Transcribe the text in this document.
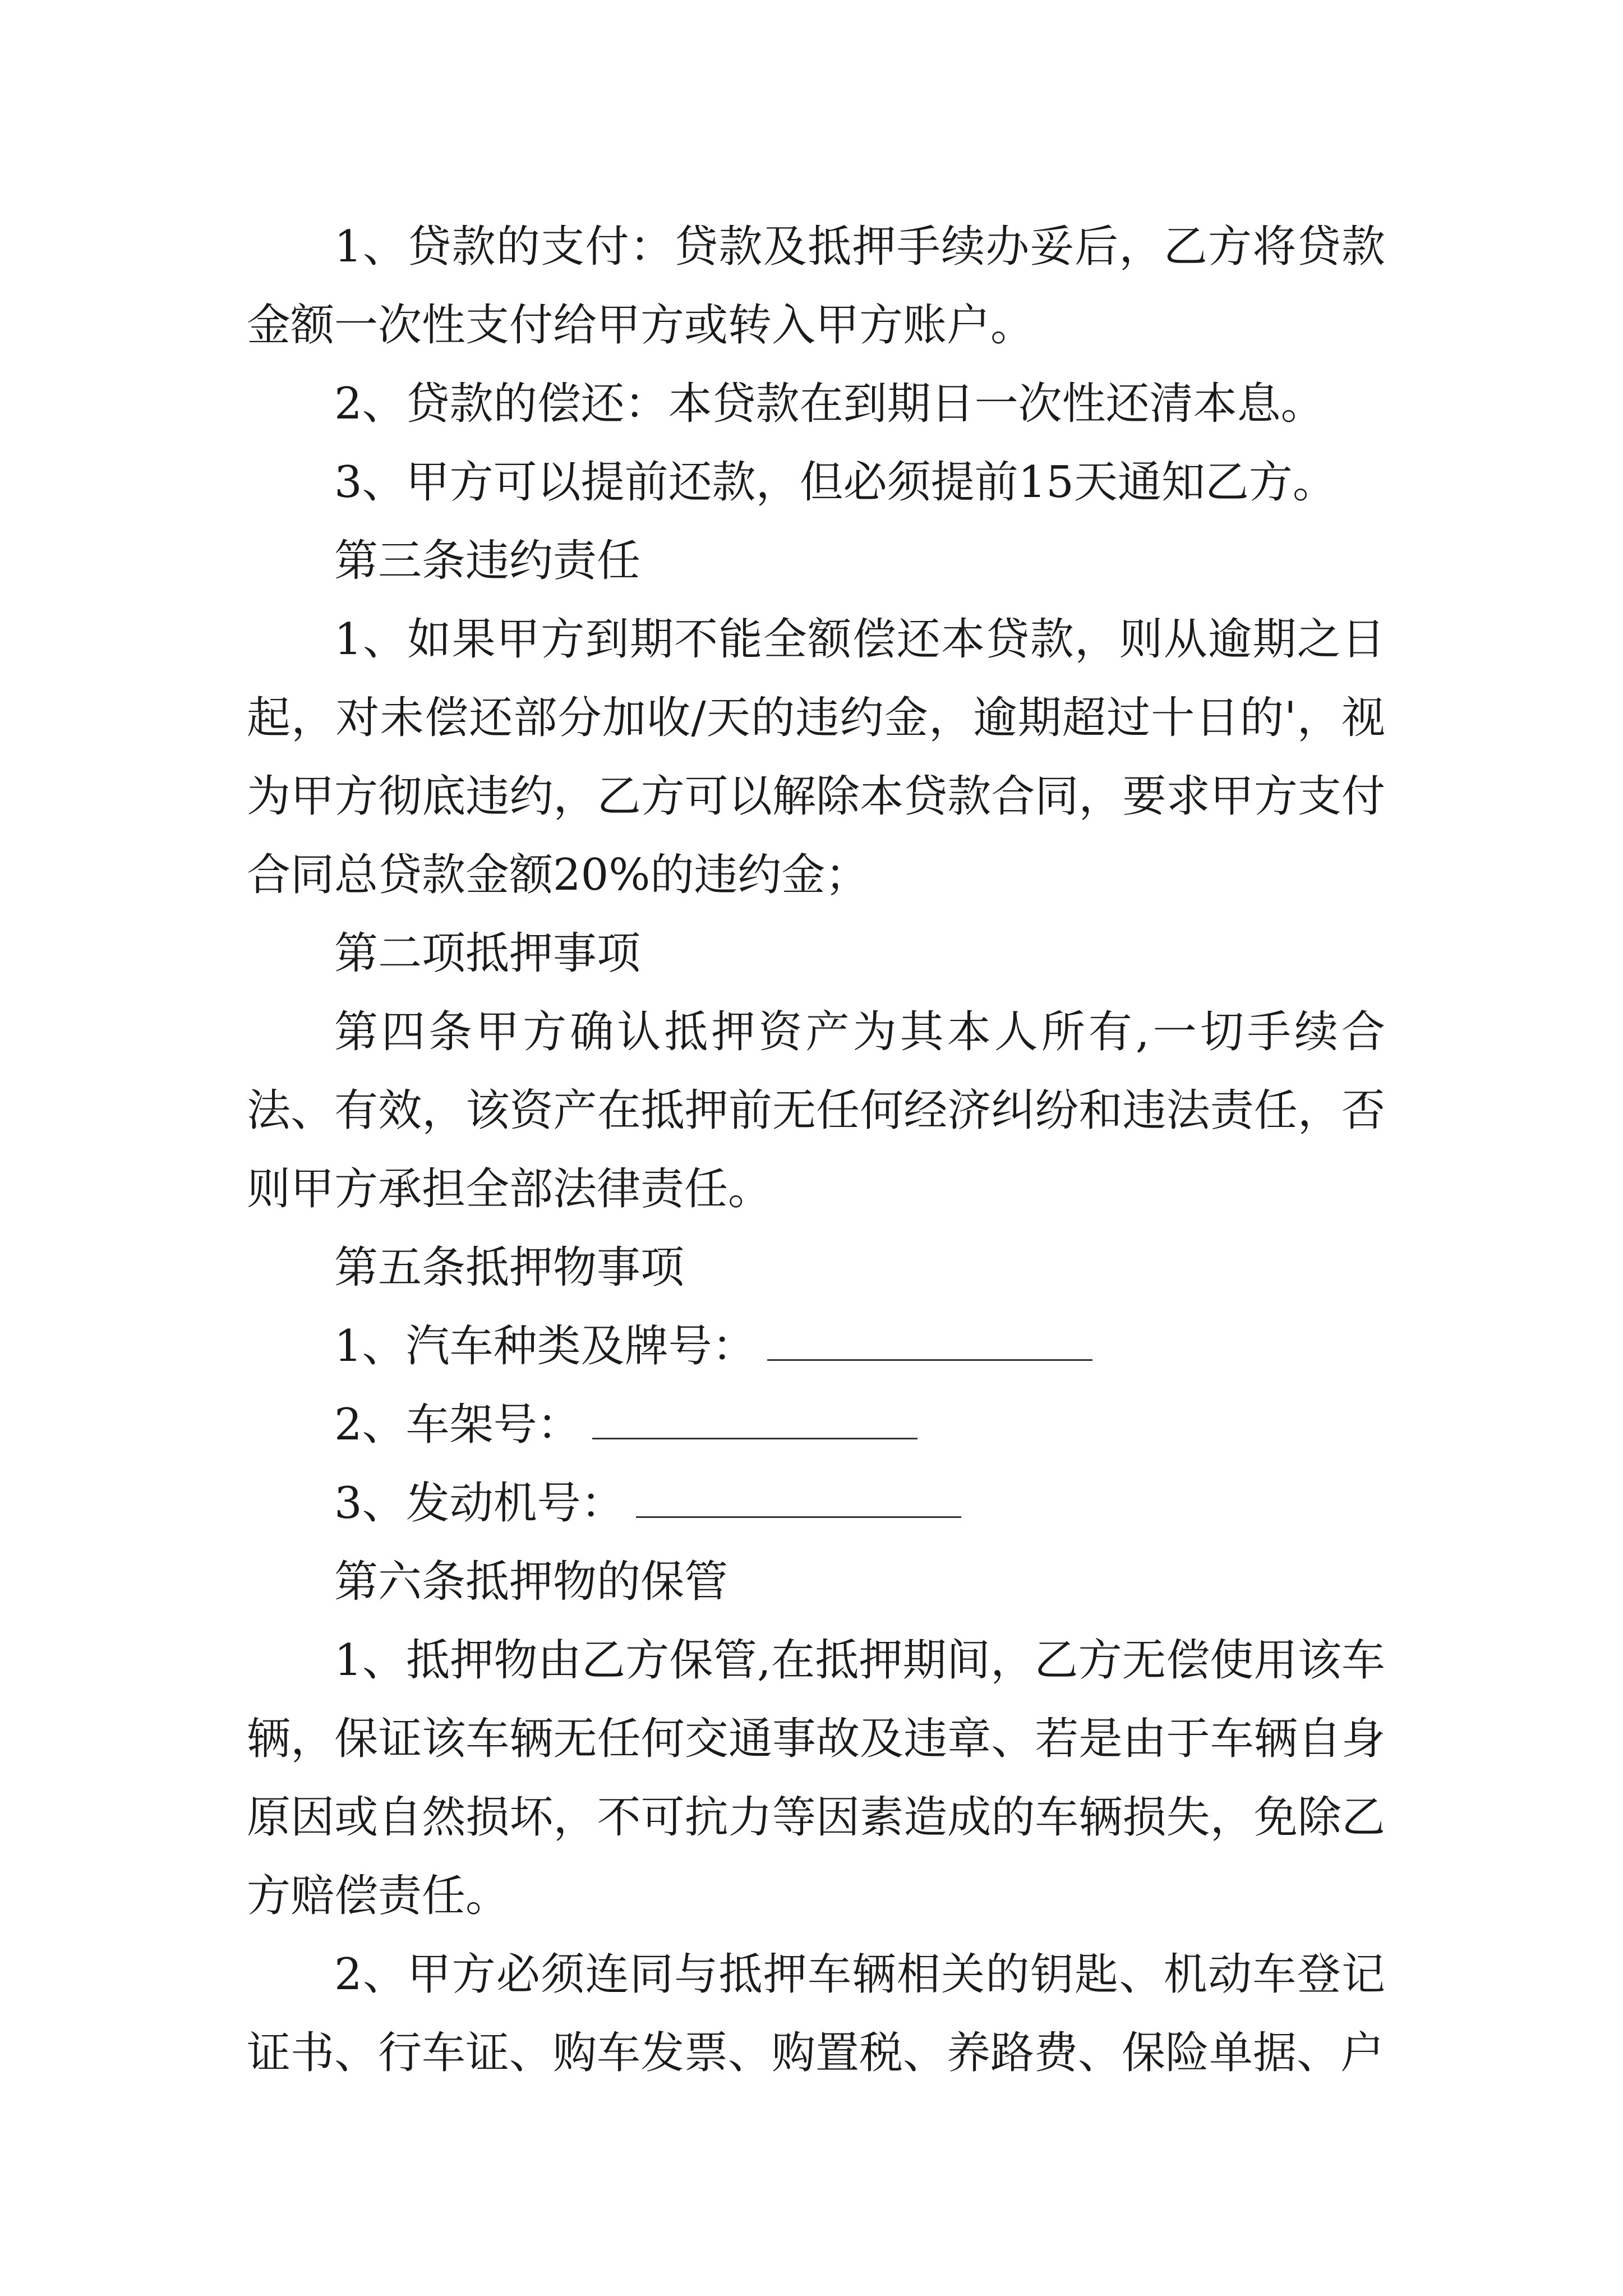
1、贷款的支付：贷款及抵押手续办妥后，乙方将贷款金额一次性支付给甲方或转入甲方账户。

2、贷款的偿还：本贷款在到期日一次性还清本息。

3、甲方可以提前还款，但必须提前15天通知乙方。

第三条违约责任

1、如果甲方到期不能全额偿还本贷款，则从逾期之日起，对未偿还部分加收/天的违约金，逾期超过十日的'，视为甲方彻底违约，乙方可以解除本贷款合同，要求甲方支付合同总贷款金额20%的违约金；

第二项抵押事项

第四条甲方确认抵押资产为其本人所有,一切手续合法、有效，该资产在抵押前无任何经济纠纷和违法责任，否则甲方承担全部法律责任。

第五条抵押物事项

1、汽车种类及牌号：

2、车架号：

3、发动机号：

第六条抵押物的保管

1、抵押物由乙方保管,在抵押期间，乙方无偿使用该车辆，保证该车辆无任何交通事故及违章、若是由于车辆自身原因或自然损坏，不可抗力等因素造成的车辆损失，免除乙方赔偿责任。

2、甲方必须连同与抵押车辆相关的钥匙、机动车登记证书、行车证、购车发票、购置税、养路费、保险单据、户
